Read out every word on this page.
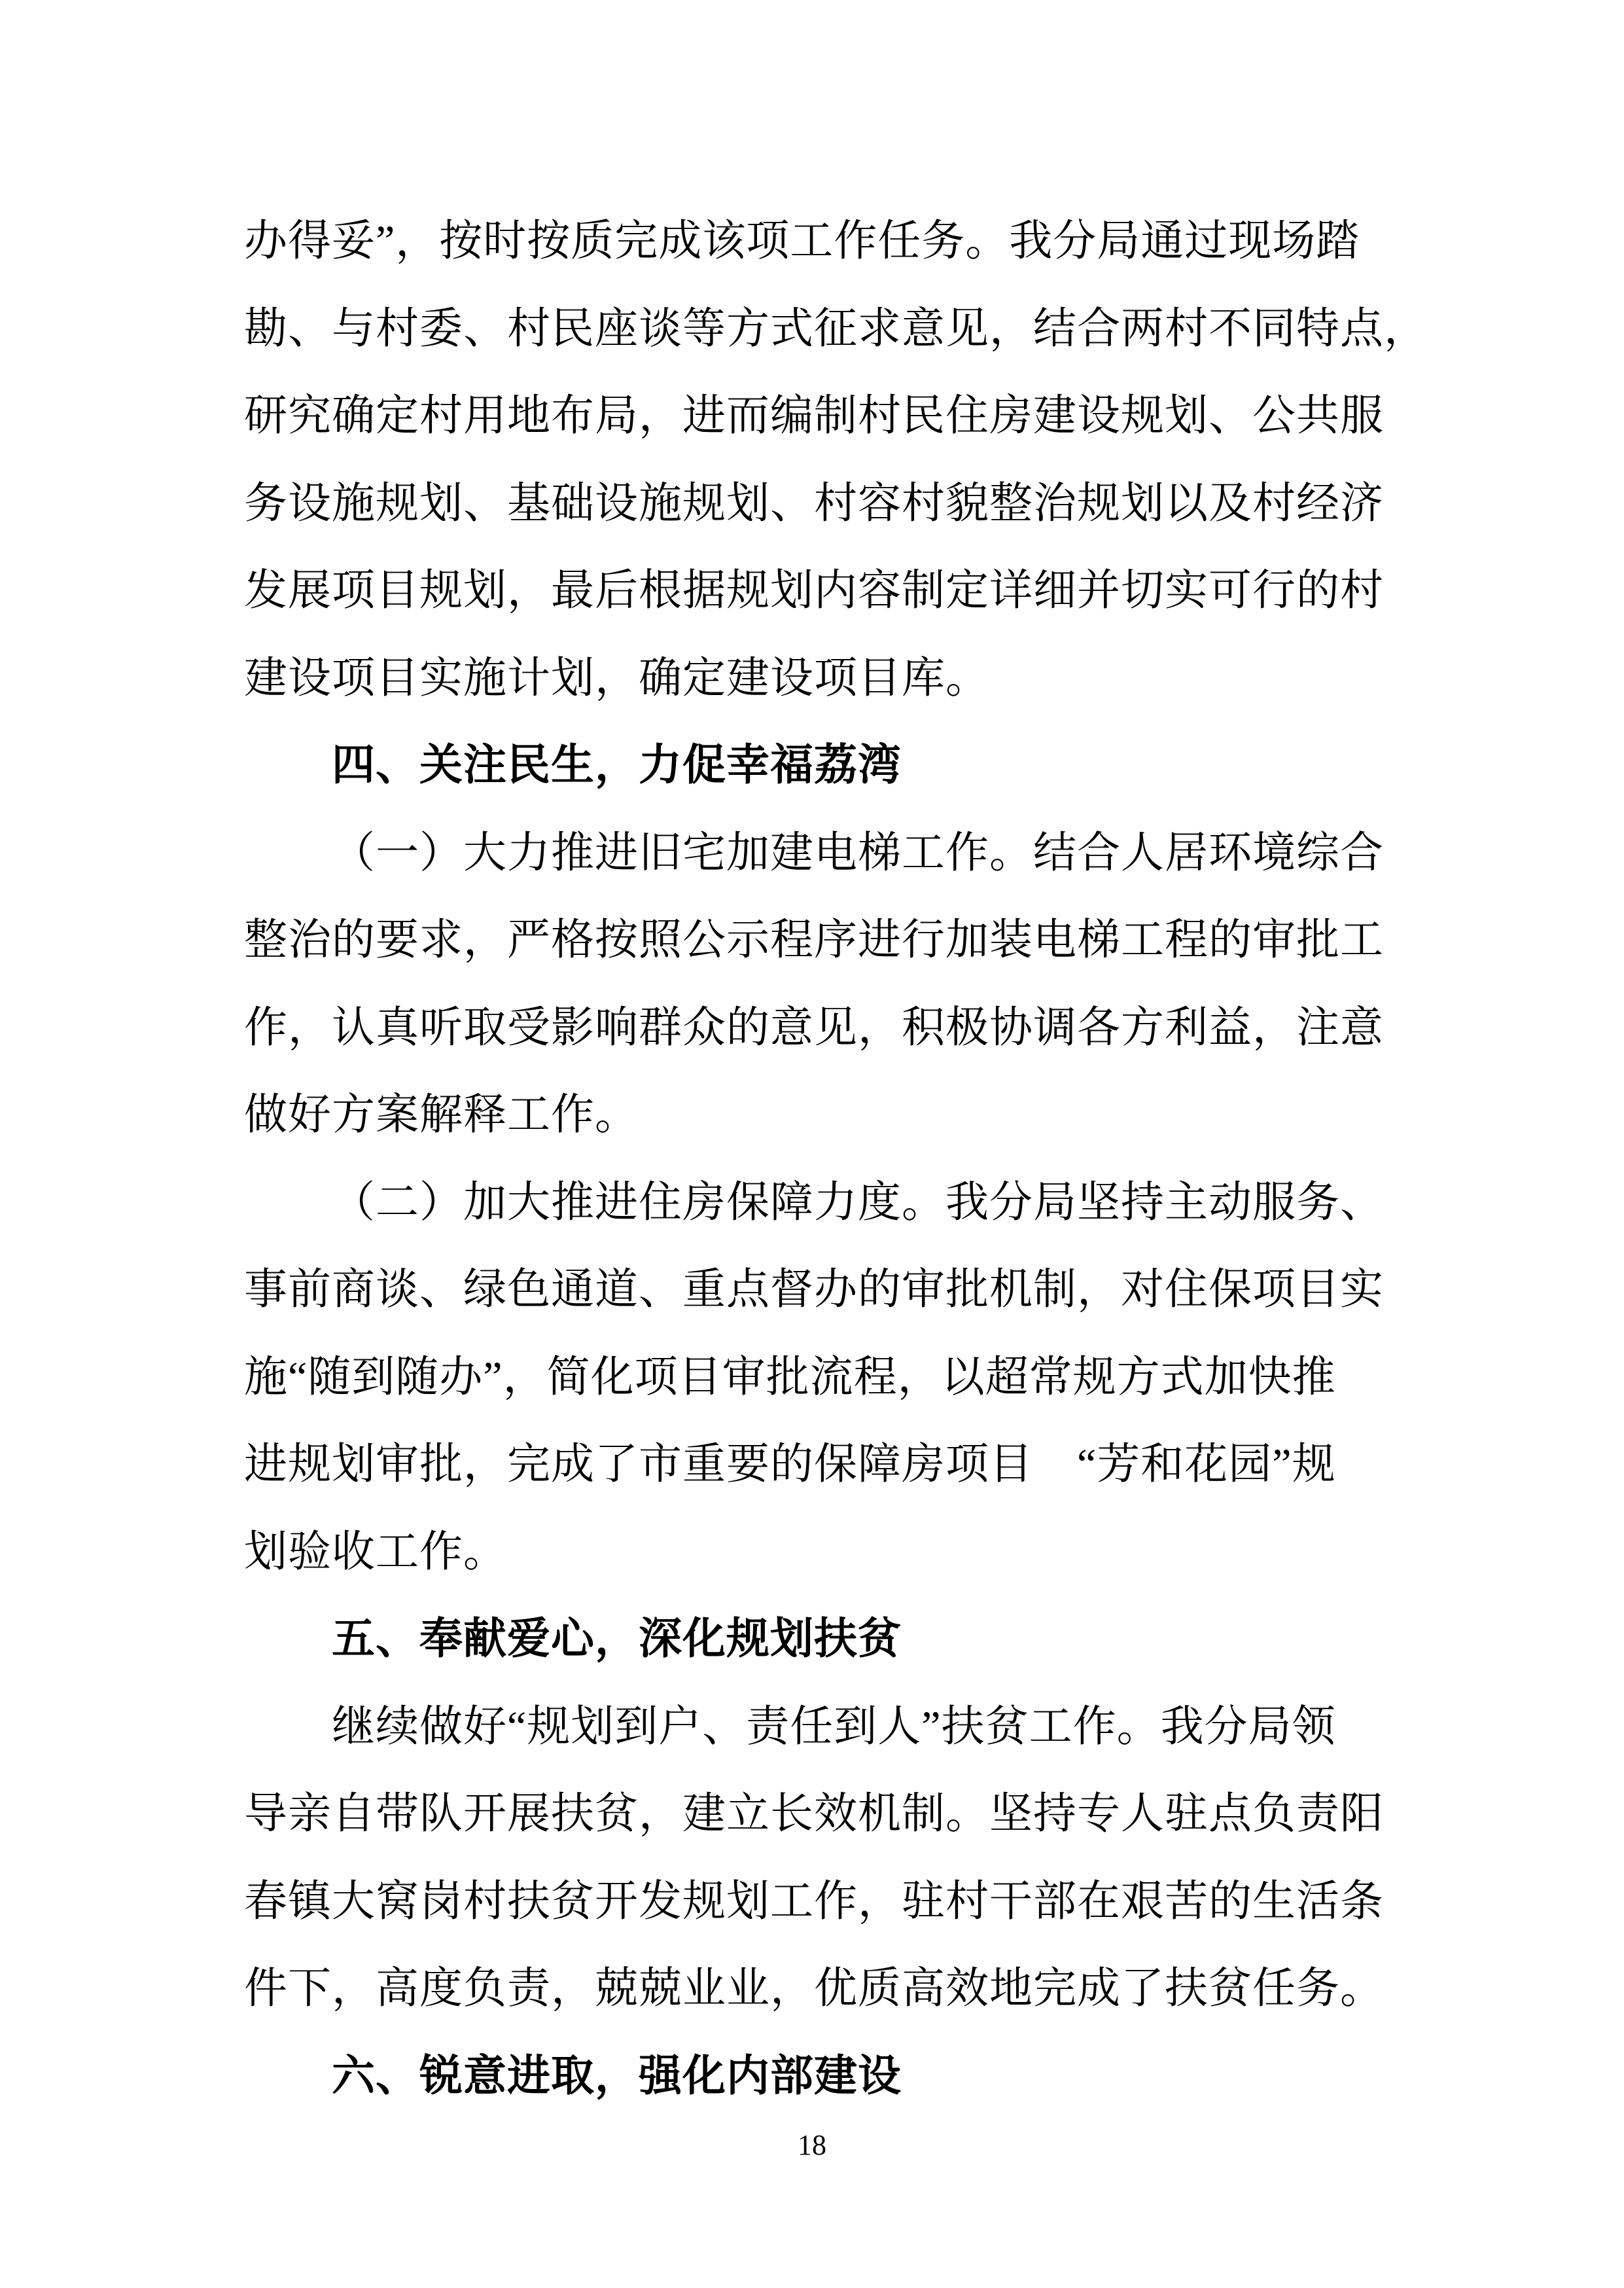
办得妥”，按时按质完成该项工作任务。我分局通过现场踏
勘、与村委、村民座谈等方式征求意见，结合两村不同特点，
研究确定村用地布局，进而编制村民住房建设规划、公共服
务设施规划、基础设施规划、村容村貌整治规划以及村经济
发展项目规划，最后根据规划内容制定详细并切实可行的村
建设项目实施计划，确定建设项目库。
四、关注民生，力促幸福荔湾
（一）大力推进旧宅加建电梯工作。结合人居环境综合
整治的要求，严格按照公示程序进行加装电梯工程的审批工
作，认真听取受影响群众的意见，积极协调各方利益，注意
做好方案解释工作。
（二）加大推进住房保障力度。我分局坚持主动服务、
事前商谈、绿色通道、重点督办的审批机制，对住保项目实
施“随到随办”，简化项目审批流程，以超常规方式加快推
进规划审批，完成了市重要的保障房项目　“芳和花园”规
划验收工作。
五、奉献爱心，深化规划扶贫
继续做好“规划到户、责任到人”扶贫工作。我分局领
导亲自带队开展扶贫，建立长效机制。坚持专人驻点负责阳
春镇大窝岗村扶贫开发规划工作，驻村干部在艰苦的生活条
件下，高度负责，兢兢业业，优质高效地完成了扶贫任务。
六、锐意进取，强化内部建设
18
